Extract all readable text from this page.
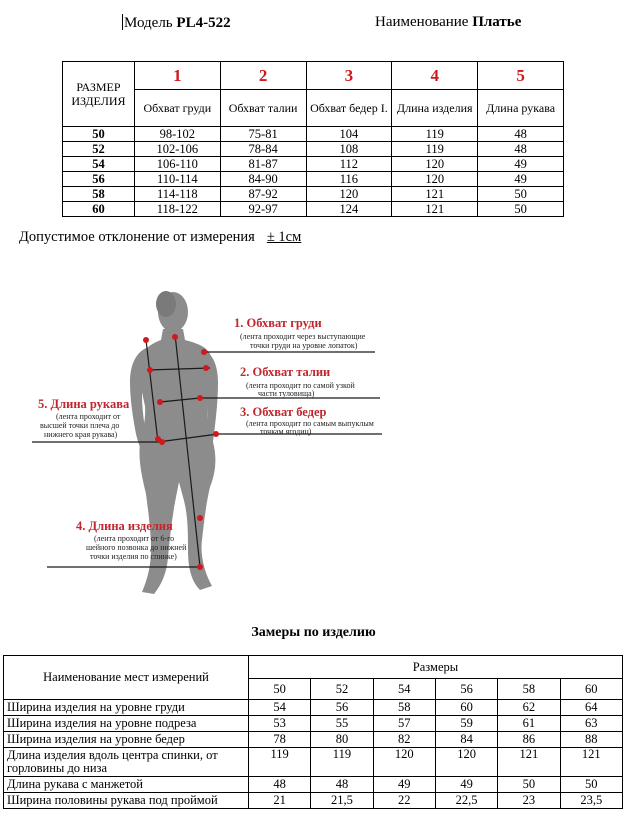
Модель PL4-522	Наименование Платье
РАЗМЕР ИЗДЕЛИЯ	1	2	3	4	5
	Обхват груди	Обхват талии	Обхват бедер I.	Длина изделия	Длина рукава
50	98-102	75-81	104	119	48
52	102-106	78-84	108	119	48
54	106-110	81-87	112	120	49
56	110-114	84-90	116	120	49
58	114-118	87-92	120	121	50
60	118-122	92-97	124	121	50
Допустимое отклонение от измерения ± 1см
1. Обхват груди
(лента проходит через выступающие
точки груди на уровне лопаток)
2. Обхват талии
(лента проходит по самой узкой
части туловища)
3. Обхват бедер
(лента проходит по самым выпуклым
точкам ягодиц)
5. Длина рукава
(лента проходит от
высшей точки плеча до
нижнего края рукава)
4. Длина изделия
(лента проходит от 6-го
шейного позвонка до нижней
точки изделия по спинке)
Замеры по изделию
Наименование мест измерений	Размеры					
	50	52	54	56	58	60
Ширина изделия на уровне груди	54	56	58	60	62	64
Ширина изделия на уровне подреза	53	55	57	59	61	63
Ширина изделия на уровне бедер	78	80	82	84	86	88
Длина изделия вдоль центра спинки, от горловины до низа	119	119	120	120	121	121
Длина рукава с манжетой	48	48	49	49	50	50
Ширина половины рукава под проймой	21	21,5	22	22,5	23	23,5
